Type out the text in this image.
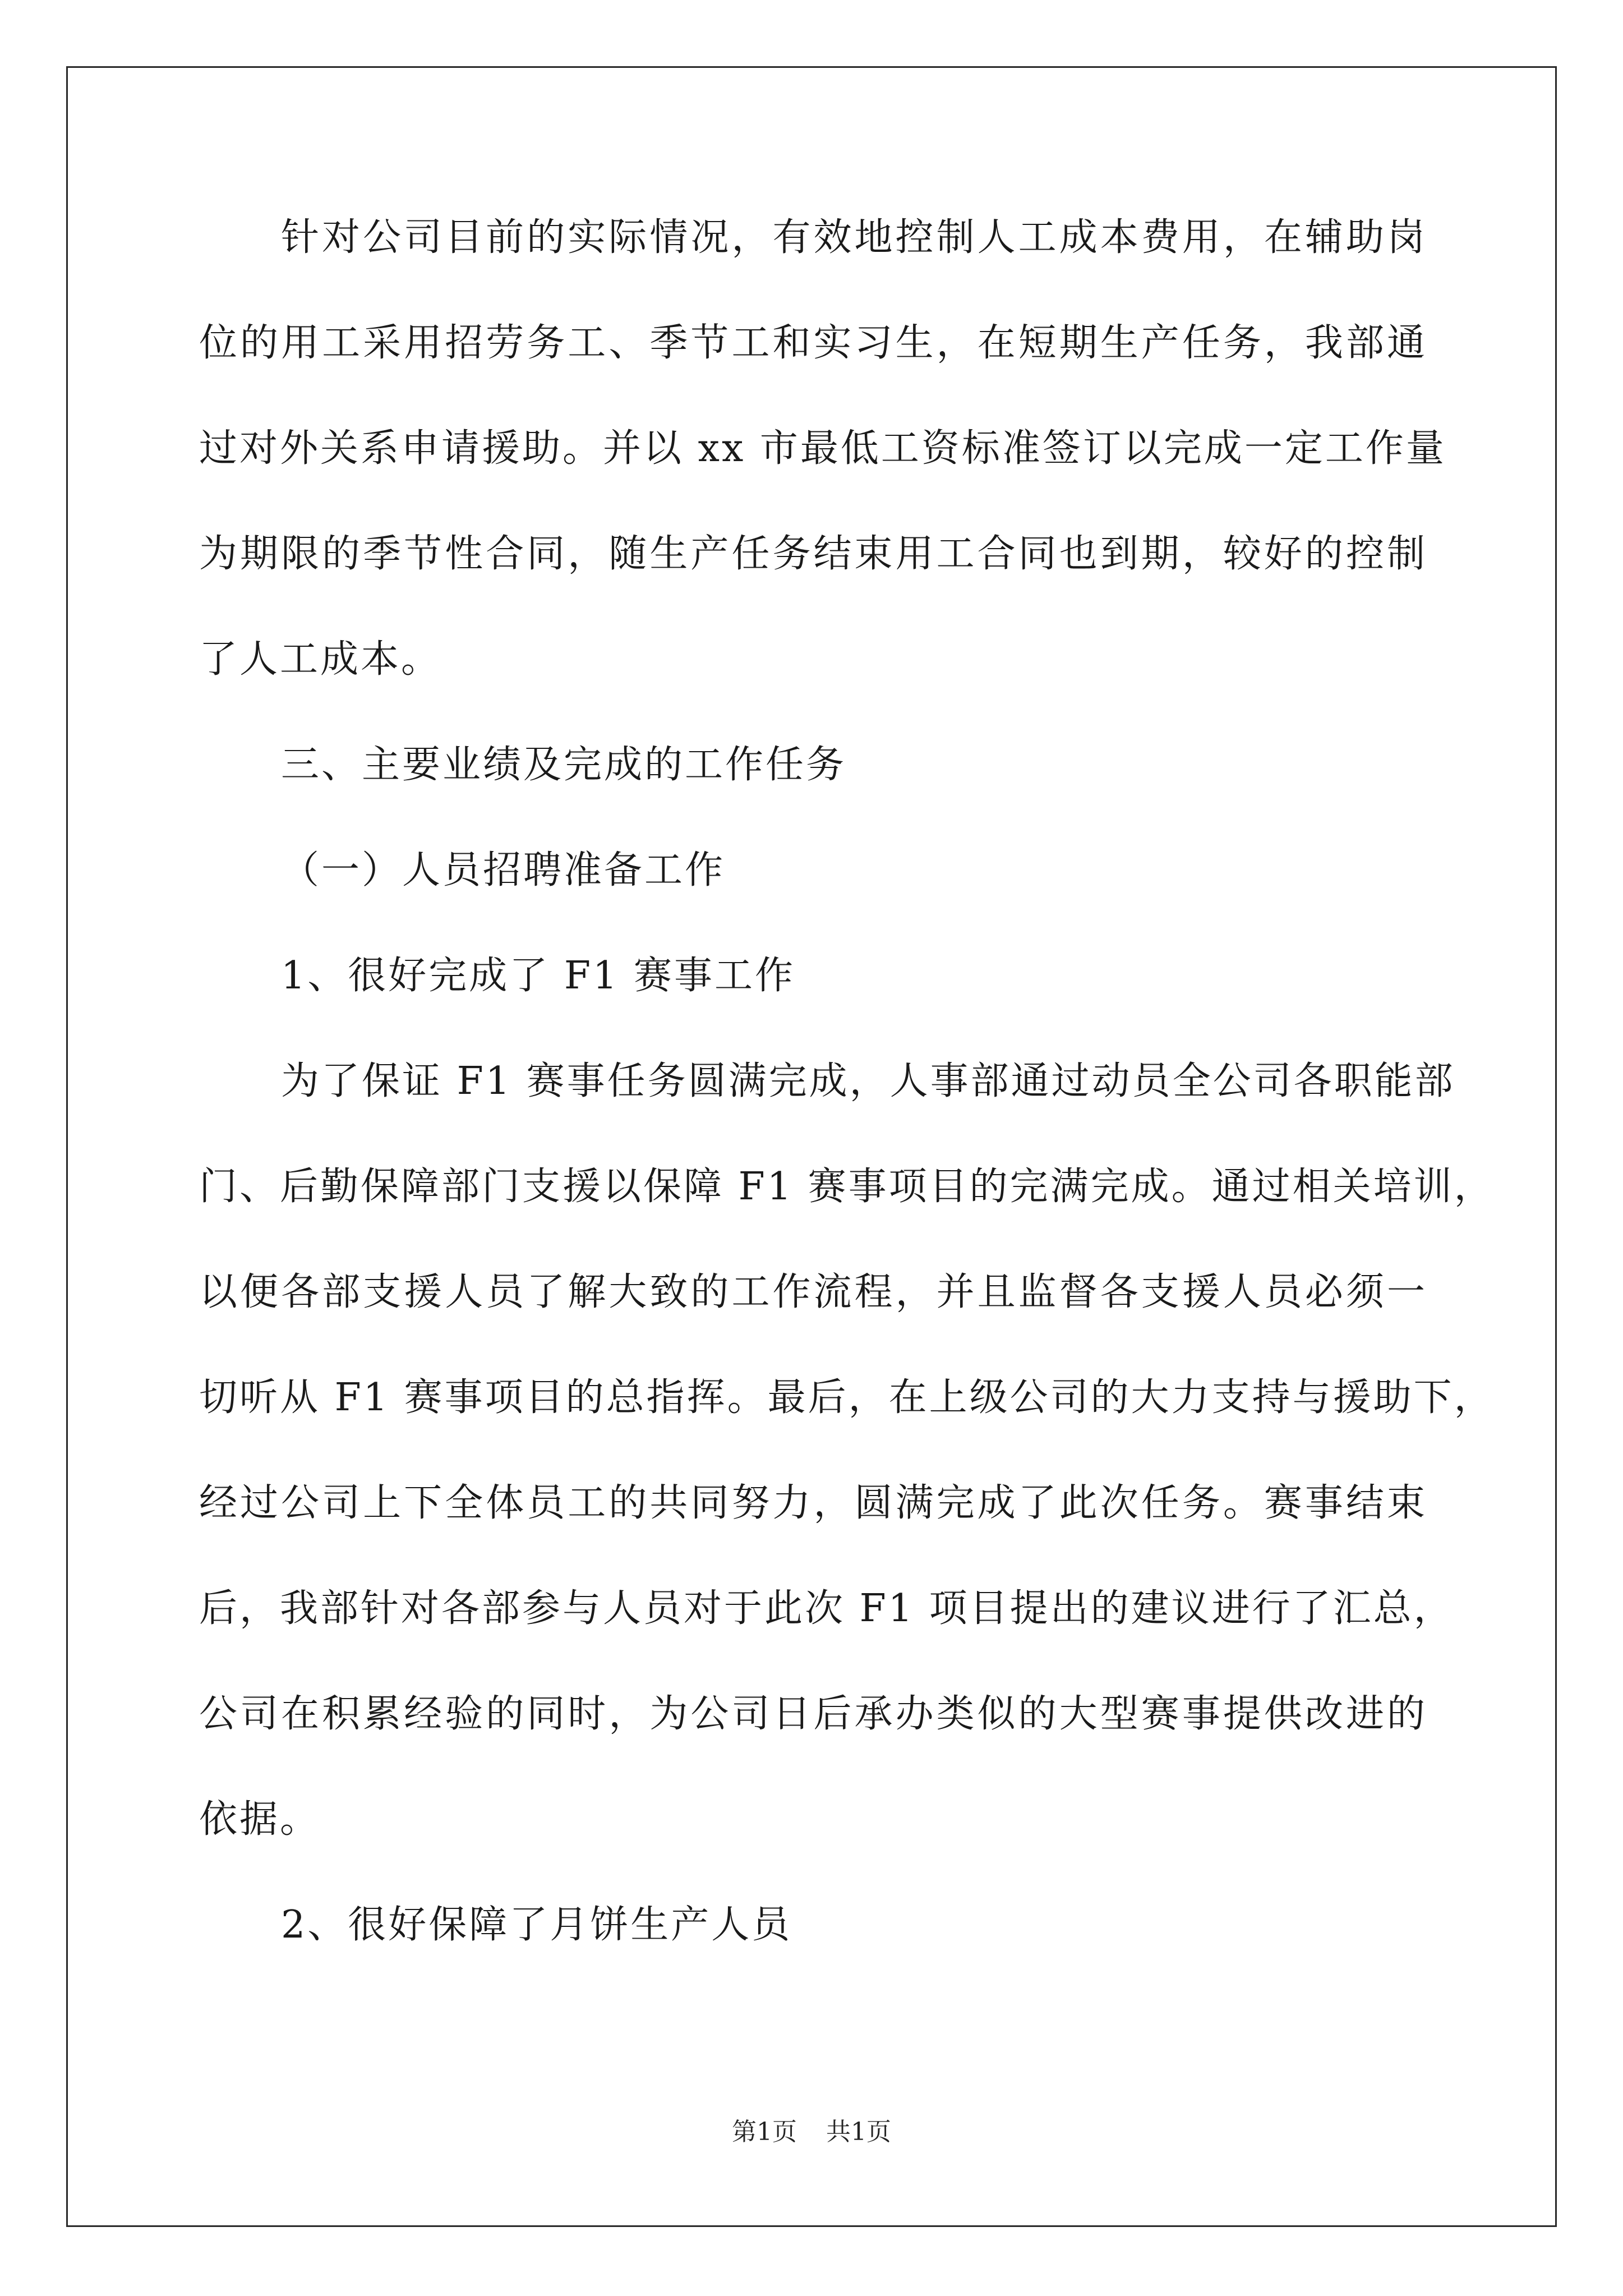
针对公司目前的实际情况，有效地控制人工成本费用，在辅助岗
位的用工采用招劳务工、季节工和实习生，在短期生产任务，我部通
过对外关系申请援助。并以 xx 市最低工资标准签订以完成一定工作量
为期限的季节性合同，随生产任务结束用工合同也到期，较好的控制
了人工成本。
三、主要业绩及完成的工作任务
（一）人员招聘准备工作
1、很好完成了 F1 赛事工作
为了保证 F1 赛事任务圆满完成，人事部通过动员全公司各职能部
门、后勤保障部门支援以保障 F1 赛事项目的完满完成。通过相关培训，
以便各部支援人员了解大致的工作流程，并且监督各支援人员必须一
切听从 F1 赛事项目的总指挥。最后，在上级公司的大力支持与援助下，
经过公司上下全体员工的共同努力，圆满完成了此次任务。赛事结束
后，我部针对各部参与人员对于此次 F1 项目提出的建议进行了汇总，
公司在积累经验的同时，为公司日后承办类似的大型赛事提供改进的
依据。
2、很好保障了月饼生产人员
第1页 共1页
